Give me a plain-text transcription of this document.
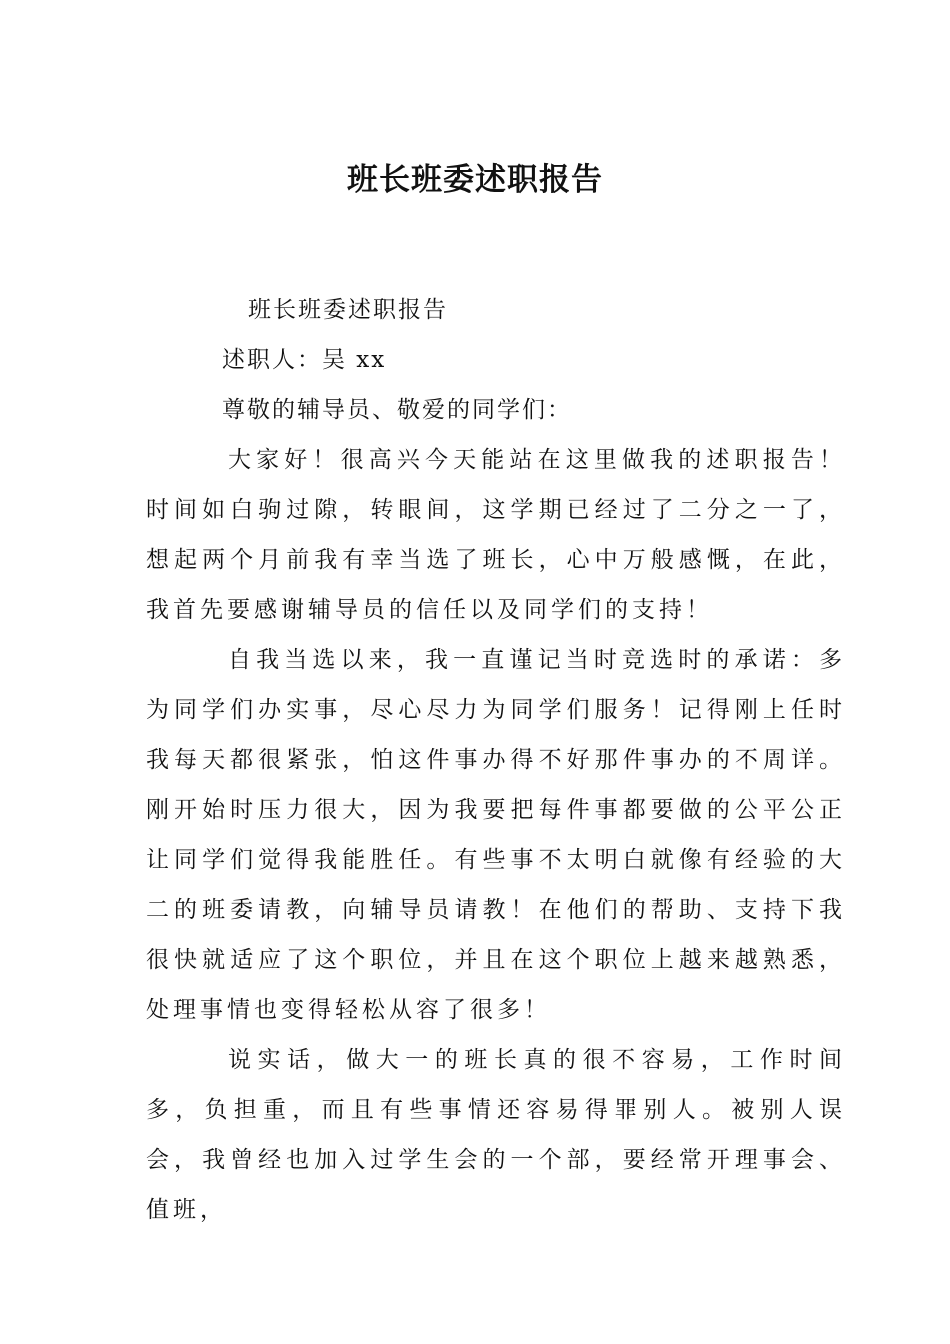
班长班委述职报告
班长班委述职报告
述职人：吴 xx
尊敬的辅导员、敬爱的同学们：
大家好！很高兴今天能站在这里做我的述职报告！时间如白驹过隙，转眼间，这学期已经过了二分之一了，想起两个月前我有幸当选了班长，心中万般感慨，在此，我首先要感谢辅导员的信任以及同学们的支持！
自我当选以来，我一直谨记当时竞选时的承诺：多为同学们办实事，尽心尽力为同学们服务！记得刚上任时我每天都很紧张，怕这件事办得不好那件事办的不周详。刚开始时压力很大，因为我要把每件事都要做的公平公正让同学们觉得我能胜任。有些事不太明白就像有经验的大二的班委请教，向辅导员请教！在他们的帮助、支持下我很快就适应了这个职位，并且在这个职位上越来越熟悉，处理事情也变得轻松从容了很多！
说实话，做大一的班长真的很不容易，工作时间多，负担重，而且有些事情还容易得罪别人。被别人误会，我曾经也加入过学生会的一个部，要经常开理事会、值班，
